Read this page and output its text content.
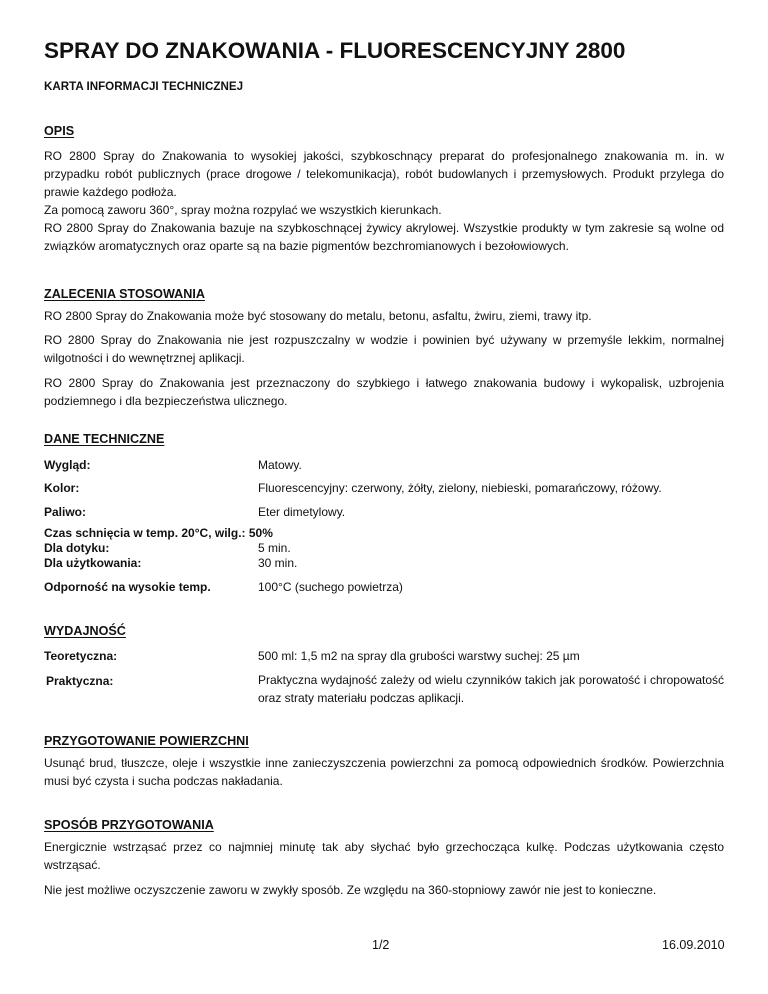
SPRAY DO ZNAKOWANIA - FLUORESCENCYJNY 2800
KARTA INFORMACJI TECHNICZNEJ
OPIS
RO 2800 Spray do Znakowania to wysokiej jakości, szybkoschnący preparat do profesjonalnego znakowania m. in. w przypadku robót publicznych (prace drogowe / telekomunikacja), robót budowlanych i przemysłowych. Produkt przylega do prawie każdego podłoża.
Za pomocą zaworu 360°, spray można rozpylać we wszystkich kierunkach.
RO 2800 Spray do Znakowania bazuje na szybkoschnącej żywicy akrylowej. Wszystkie produkty w tym zakresie są wolne od związków aromatycznych oraz oparte są na bazie pigmentów bezchromianowych i bezołowiowych.
ZALECENIA STOSOWANIA
RO 2800 Spray do Znakowania może być stosowany do metalu, betonu, asfaltu, żwiru, ziemi, trawy itp.
RO 2800 Spray do Znakowania nie jest rozpuszczalny w wodzie i powinien być używany w przemyśle lekkim, normalnej wilgotności i do wewnętrznej aplikacji.
RO 2800 Spray do Znakowania jest przeznaczony do szybkiego i łatwego znakowania budowy i wykopalisk, uzbrojenia podziemnego i dla bezpieczeństwa ulicznego.
DANE TECHNICZNE
Wygląd:	Matowy.
Kolor:	Fluorescencyjny: czerwony, żółty, zielony, niebieski, pomarańczowy, różowy.
Paliwo:	Eter dimetylowy.
Czas schnięcia w temp. 20°C, wilg.: 50%
Dla dotyku:	5 min.
Dla użytkowania:	30 min.
Odporność na wysokie temp.	100°C (suchego powietrza)
WYDAJNOŚĆ
Teoretyczna:	500 ml: 1,5 m2 na spray dla grubości warstwy suchej: 25 µm
Praktyczna:	Praktyczna wydajność zależy od wielu czynników takich jak porowatość i chropowatość oraz straty materiału podczas aplikacji.
PRZYGOTOWANIE POWIERZCHNI
Usunąć brud, tłuszcze, oleje i wszystkie inne zanieczyszczenia powierzchni za pomocą odpowiednich środków. Powierzchnia musi być czysta i sucha podczas nakładania.
SPOSÓB PRZYGOTOWANIA
Energicznie wstrząsać przez co najmniej minutę tak aby słychać było grzechocząca kulkę. Podczas użytkowania często wstrząsać.
Nie jest możliwe oczyszczenie zaworu w zwykły sposób. Ze względu na 360-stopniowy zawór nie jest to konieczne.
1/2	16.09.2010
